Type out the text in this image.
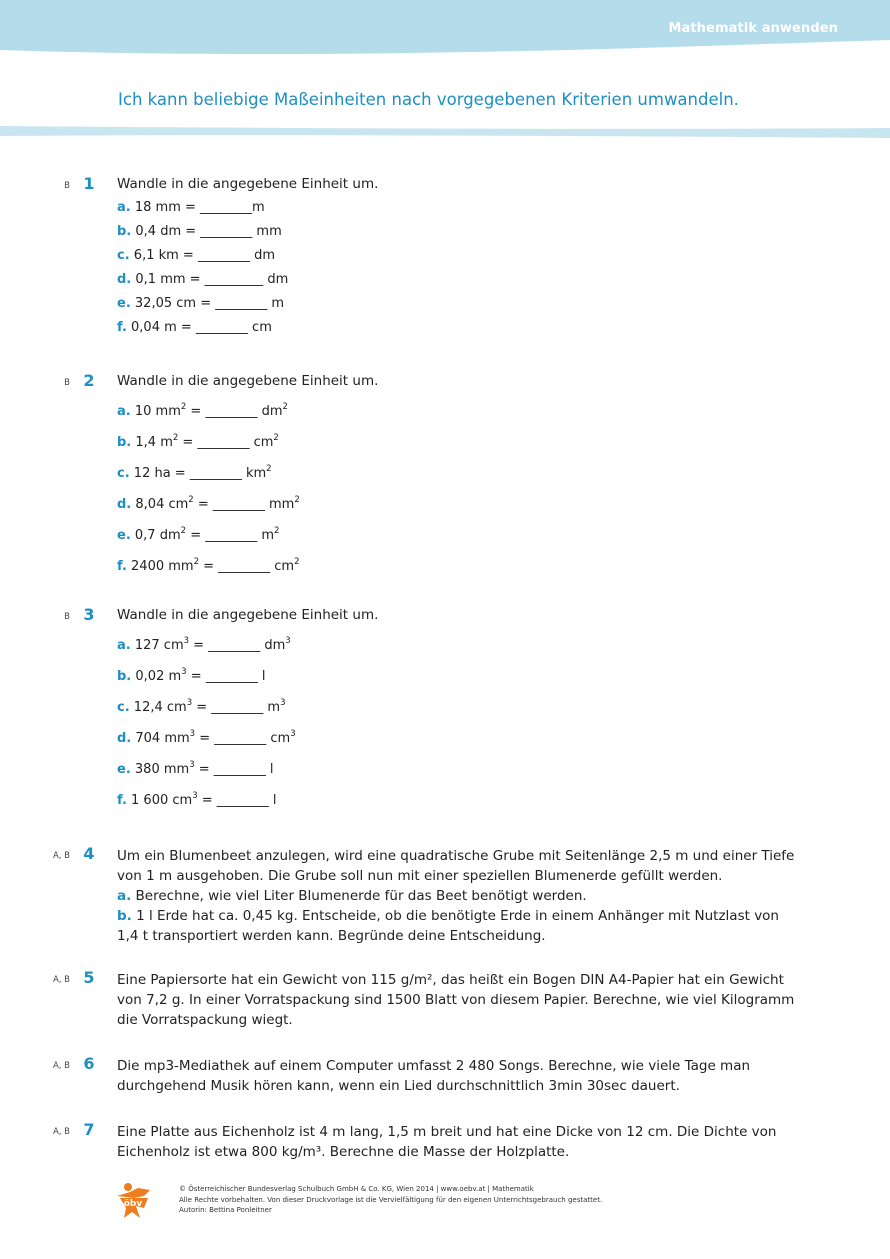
Mathematik anwenden
Ich kann beliebige Maßeinheiten nach vorgegebenen Kriterien umwandeln.
B 1	Wandle in die angegebene Einheit um.
a. 18 mm = ________m
b. 0,4 dm = ________ mm
c. 6,1 km = ________ dm
d. 0,1 mm = _________ dm
e. 32,05 cm = ________ m
f. 0,04 m = ________ cm
B 2	Wandle in die angegebene Einheit um.
a. 10 $mm^2$ = ________ $dm^2$
b. 1,4 $m^2$ = ________ $cm^2$
c. 12 ha = ________ $km^2$
d. 8,04 $cm^2$ = ________ $mm^2$
e. 0,7 $dm^2$ = ________ $m^2$
f. 2400 $mm^2$ = ________ $cm^2$
B 3	Wandle in die angegebene Einheit um.
a. 127 $cm^3$ = ________ $dm^3$
b. 0,02 $m^3$ = ________ l
c. 12,4 $cm^3$ = ________ $m^3$
d. 704 $mm^3$ = ________ $cm^3$
e. 380 $mm^3$ = ________ l
f. 1 600 $cm^3$ = ________ l
A, B 4	Um ein Blumenbeet anzulegen, wird eine quadratische Grube mit Seitenlänge 2,5 m und einer Tiefe von 1 m ausgehoben. Die Grube soll nun mit einer speziellen Blumenerde gefüllt werden.
a. Berechne, wie viel Liter Blumenerde für das Beet benötigt werden.
b. 1 l Erde hat ca. 0,45 kg. Entscheide, ob die benötigte Erde in einem Anhänger mit Nutzlast von 1,4 t transportiert werden kann. Begründe deine Entscheidung.
A, B 5	Eine Papiersorte hat ein Gewicht von 115 g/m², das heißt ein Bogen DIN A4-Papier hat ein Gewicht von 7,2 g. In einer Vorratspackung sind 1500 Blatt von diesem Papier. Berechne, wie viel Kilogramm die Vorratspackung wiegt.
A, B 6	Die mp3-Mediathek auf einem Computer umfasst 2 480 Songs. Berechne, wie viele Tage man durchgehend Musik hören kann, wenn ein Lied durchschnittlich 3min 30sec dauert.
A, B 7	Eine Platte aus Eichenholz ist 4 m lang, 1,5 m breit und hat eine Dicke von 12 cm. Die Dichte von Eichenholz ist etwa 800 kg/m³. Berechne die Masse der Holzplatte.
öbv
© Österreichischer Bundesverlag Schulbuch GmbH & Co. KG, Wien 2014 | www.oebv.at | Mathematik
Alle Rechte vorbehalten. Von dieser Druckvorlage ist die Vervielfältigung für den eigenen Unterrichtsgebrauch gestattet.
Autorin: Bettina Ponleitner
